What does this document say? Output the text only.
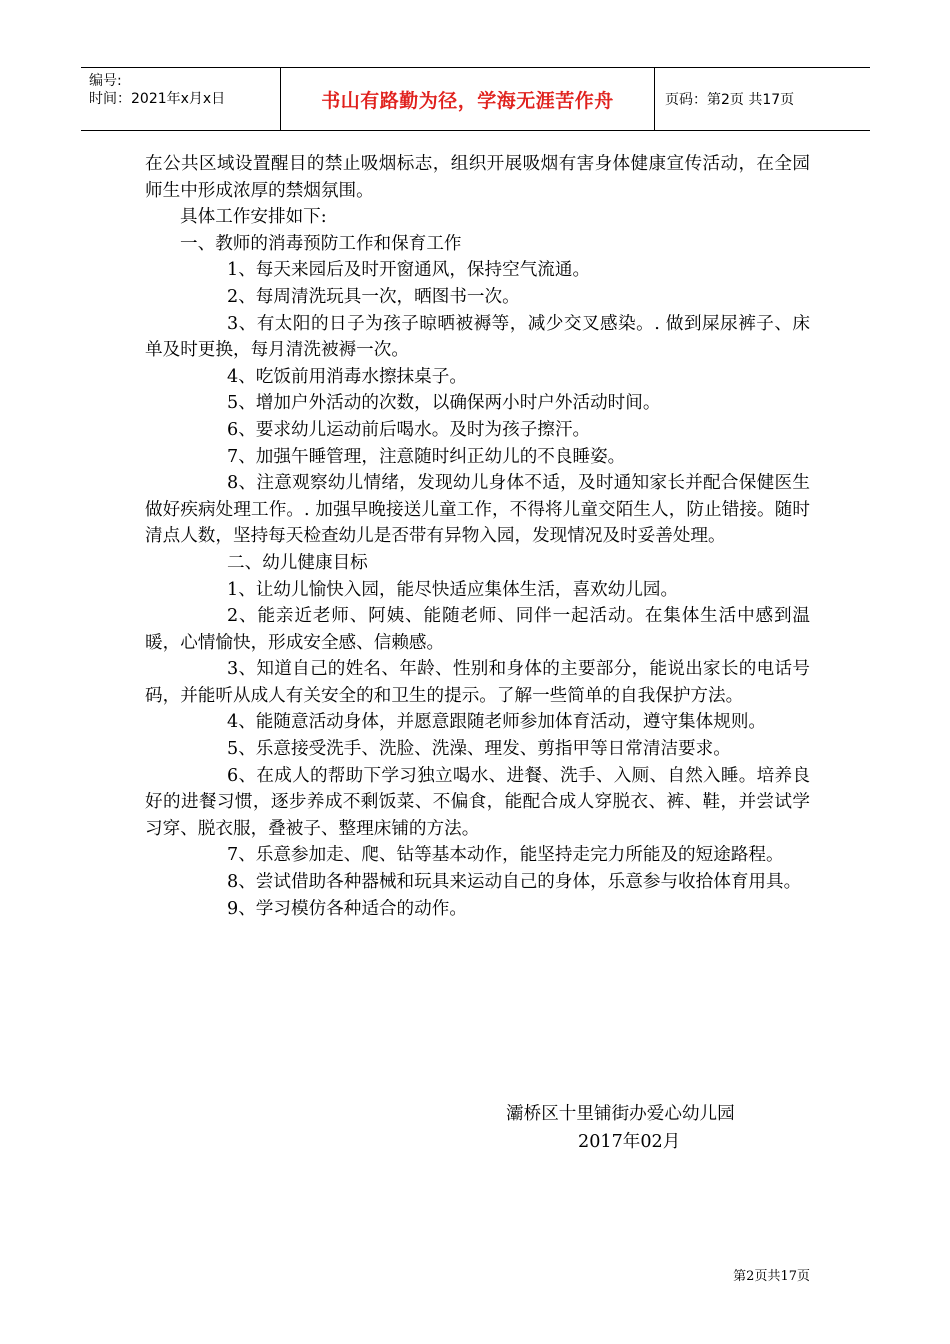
编号:
时间：2021年x月x日	书山有路勤为径，学海无涯苦作舟	页码：第2页 共17页

在公共区域设置醒目的禁止吸烟标志，组织开展吸烟有害身体健康宣传活动，在全园师生中形成浓厚的禁烟氛围。

具体工作安排如下:

一、教师的消毒预防工作和保育工作

1、每天来园后及时开窗通风，保持空气流通。

2、每周清洗玩具一次，晒图书一次。

3、有太阳的日子为孩子晾晒被褥等，减少交叉感染。. 做到屎尿裤子、床单及时更换，每月清洗被褥一次。

4、吃饭前用消毒水擦抹桌子。

5、增加户外活动的次数，以确保两小时户外活动时间。

6、要求幼儿运动前后喝水。及时为孩子擦汗。

7、加强午睡管理，注意随时纠正幼儿的不良睡姿。

8、注意观察幼儿情绪，发现幼儿身体不适，及时通知家长并配合保健医生做好疾病处理工作。. 加强早晚接送儿童工作，不得将儿童交陌生人，防止错接。随时清点人数，坚持每天检查幼儿是否带有异物入园，发现情况及时妥善处理。

二、幼儿健康目标

1、让幼儿愉快入园，能尽快适应集体生活，喜欢幼儿园。

2、能亲近老师、阿姨、能随老师、同伴一起活动。在集体生活中感到温暖，心情愉快，形成安全感、信赖感。

3、知道自己的姓名、年龄、性别和身体的主要部分，能说出家长的电话号码，并能听从成人有关安全的和卫生的提示。了解一些简单的自我保护方法。

4、能随意活动身体，并愿意跟随老师参加体育活动，遵守集体规则。

5、乐意接受洗手、洗脸、洗澡、理发、剪指甲等日常清洁要求。

6、在成人的帮助下学习独立喝水、进餐、洗手、入厕、自然入睡。培养良好的进餐习惯，逐步养成不剩饭菜、不偏食，能配合成人穿脱衣、裤、鞋，并尝试学习穿、脱衣服，叠被子、整理床铺的方法。

7、乐意参加走、爬、钻等基本动作，能坚持走完力所能及的短途路程。

8、尝试借助各种器械和玩具来运动自己的身体，乐意参与收拾体育用具。

9、学习模仿各种适合的动作。

灞桥区十里铺街办爱心幼儿园
2017年02月
第2页共17页
